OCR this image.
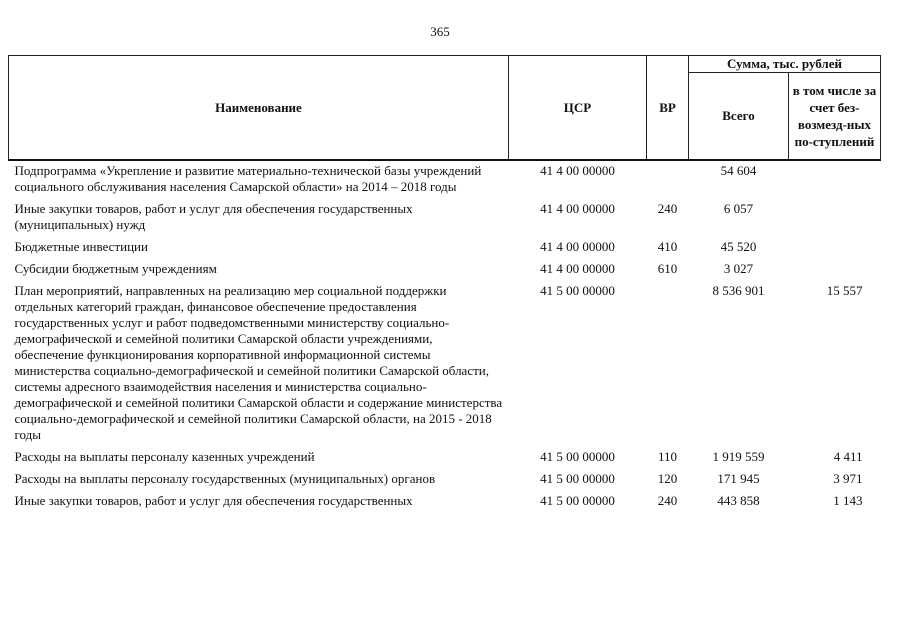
365
Наименование	ЦСР	ВР	Сумма, тыс. рублей	
			Всего	в том числе за счет без-возмезд-ных по-ступлений
Подпрограмма «Укрепление и развитие материально-технической базы учреждений социального обслуживания населения Самарской области» на 2014 – 2018 годы	41 4 00 00000		54 604	
Иные закупки товаров, работ и услуг для обеспечения государственных (муниципальных) нужд	41 4 00 00000	240	6 057	
Бюджетные инвестиции	41 4 00 00000	410	45 520	
Субсидии бюджетным учреждениям	41 4 00 00000	610	3 027	
План мероприятий, направленных на реализацию мер социальной поддержки отдельных категорий граждан, финансовое обеспечение предоставления государственных услуг и работ подведомственными министерству социально-демографической и семейной политики Самарской области учреждениями, обеспечение функционирования корпоративной информационной системы министерства социально-демографической и семейной политики Самарской области, системы адресного взаимодействия населения и министерства социально-демографической и семейной политики Самарской области и содержание министерства социально-демографической и семейной политики Самарской области, на 2015 - 2018 годы	41 5 00 00000		8 536 901	15 557
Расходы на выплаты персоналу казенных учреждений	41 5 00 00000	110	1 919 559	4 411
Расходы на выплаты персоналу государственных (муниципальных) органов	41 5 00 00000	120	171 945	3 971
Иные закупки товаров, работ и услуг для обеспечения государственных	41 5 00 00000	240	443 858	1 143
